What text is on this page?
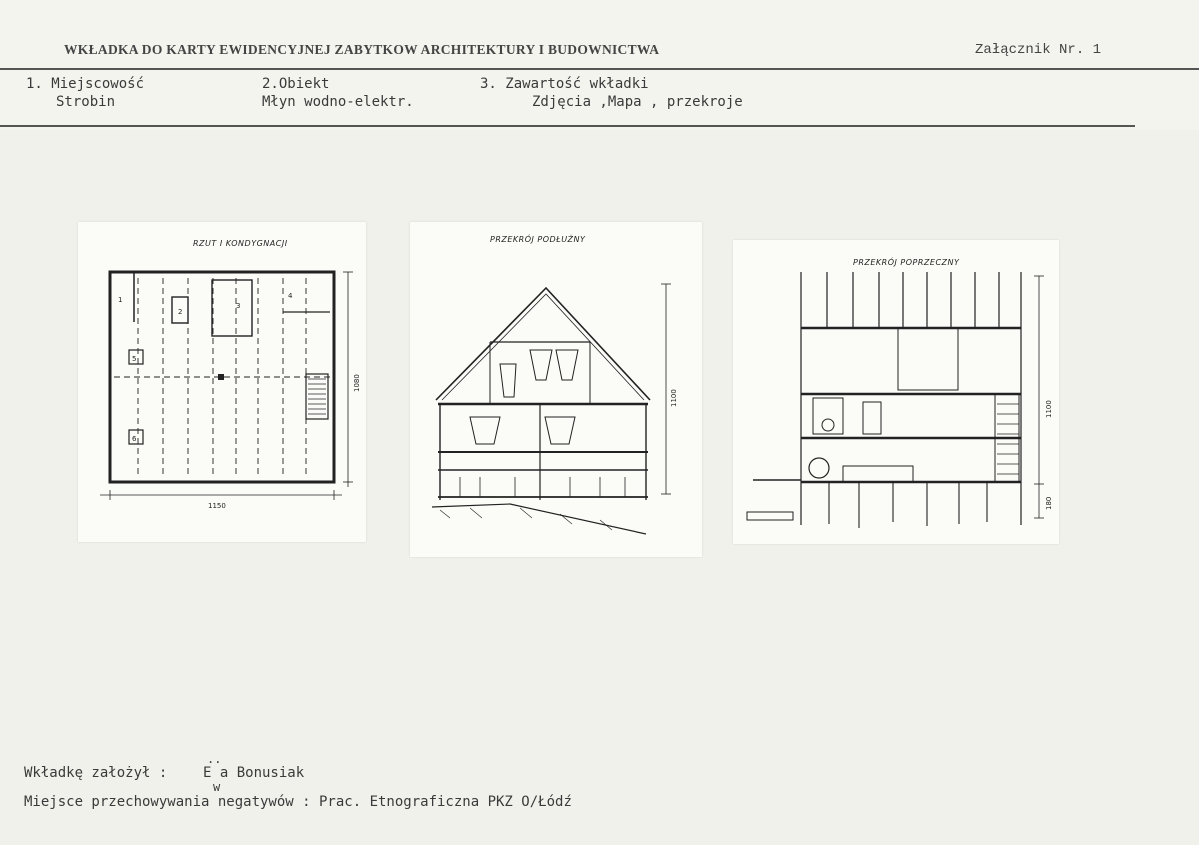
WKŁADKA DO KARTY EWIDENCYJNEJ ZABYTKOW ARCHITEKTURY I BUDOWNICTWA	Załącznik Nr. 1
1. Miejscowość
Strobin
2.Obiekt
Młyn wodno-elektr.
3. Zawartość wkładki
Zdjęcia ,Mapa , przekroje
RZUT I KONDYGNACJI
1150
1080
1
2
3
4
5
6
PRZEKRÓJ PODŁUŻNY
1100
PRZEKRÓJ POPRZECZNY
1100
180
Wkładkę założył :
..
E a Bonusiak
w
Miejsce przechowywania negatywów : Prac. Etnograficzna PKZ O/Łódź
